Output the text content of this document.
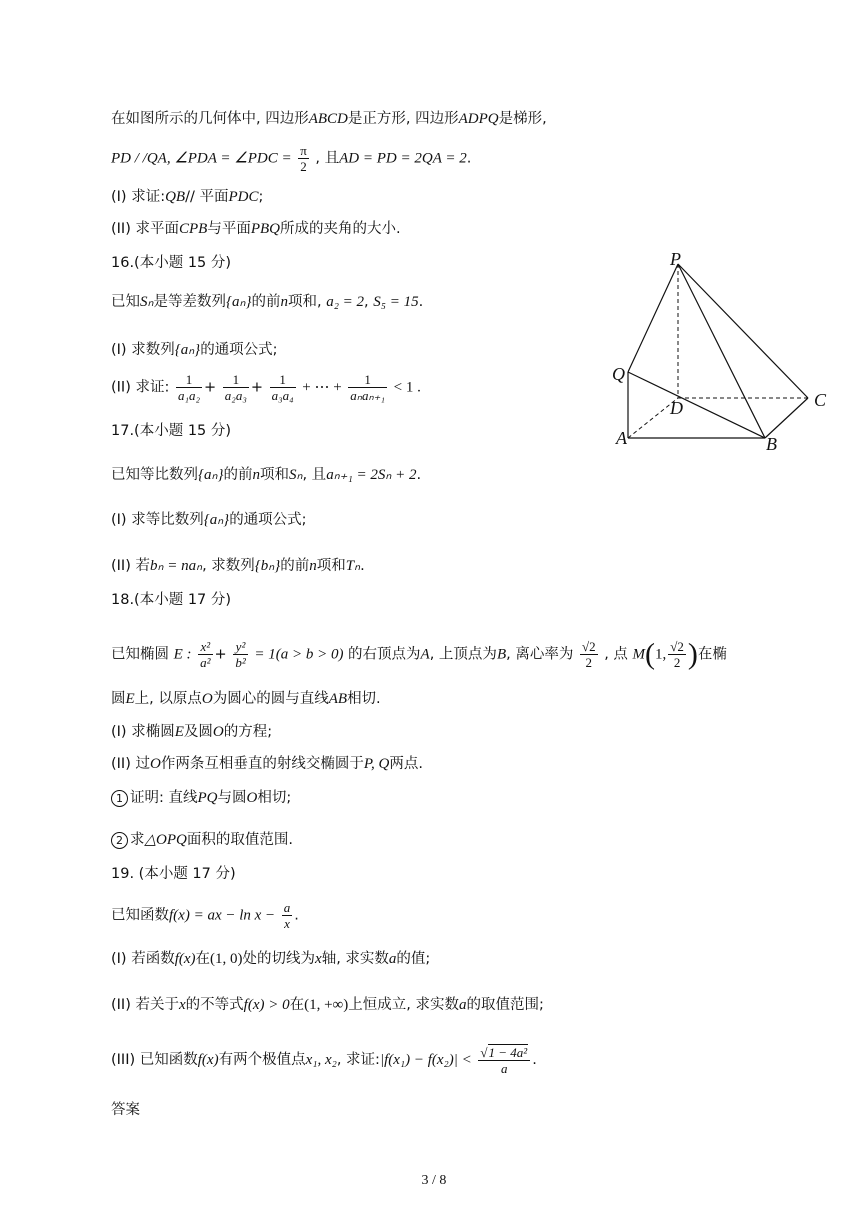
在如图所示的几何体中, 四边形ABCD是正方形, 四边形ADPQ是梯形,
PD / /QA, ∠PDA = ∠PDC = $\frac{\pi}{2}$ , 且AD = PD = 2QA = 2.
(I) 求证:QB// 平面PDC;
(II) 求平面CPB与平面PBQ所成的夹角的大小.
16.(本小题 15 分)
已知Sₙ是等差数列{aₙ}的前n项和, a₂ = 2, S₅ = 15.
(I) 求数列{aₙ}的通项公式;
(II) 求证: $\frac{1}{\text{a₁a₂}} + \frac{1}{\text{a₂a₃}} + \frac{1}{\text{a₃a₄}}$ + ⋯ + $\frac{1}{\text{aₙaₙ₊₁}} < 1$ .
17.(本小题 15 分)
已知等比数列{aₙ}的前n项和Sₙ, 且aₙ₊₁ = 2Sₙ + 2.
(I) 求等比数列{aₙ}的通项公式;
(II) 若bₙ = naₙ, 求数列{bₙ}的前n项和Tₙ.
18.(本小题 17 分)
已知椭圆 E : $\frac{\text{x²}}{\text{a²}} + \frac{\text{y²}}{\text{b²}} = 1(a > b > 0)$ 的右顶点为A, 上顶点为B, 离心率为 $\frac{√2}{2}$ , 点 M(1, $\frac{√2}{2}$ )在椭
圆E上, 以原点O为圆心的圆与直线AB相切.
(I) 求椭圆E及圆O的方程;
(II) 过O作两条互相垂直的射线交椭圆于P, Q两点.
1 证明: 直线PQ与圆O相切;
2 求△OPQ面积的取值范围.
19. (本小题 17 分)
已知函数f(x) = ax − $\ln x - \frac{a}{x}$ .
(I) 若函数f(x)在(1, 0)处的切线为x轴, 求实数a的值;
(II) 若关于x的不等式f(x) > 0在(1, +∞)上恒成立, 求实数a的取值范围;
(III) 已知函数f(x)有两个极值点x₁, x₂, 求证:|f(x₁) − $f(x_2)| < \frac{\text{√1 − 4a²}}{a}$ .
答案
P
Q
D	C
A	B
3 / 8
